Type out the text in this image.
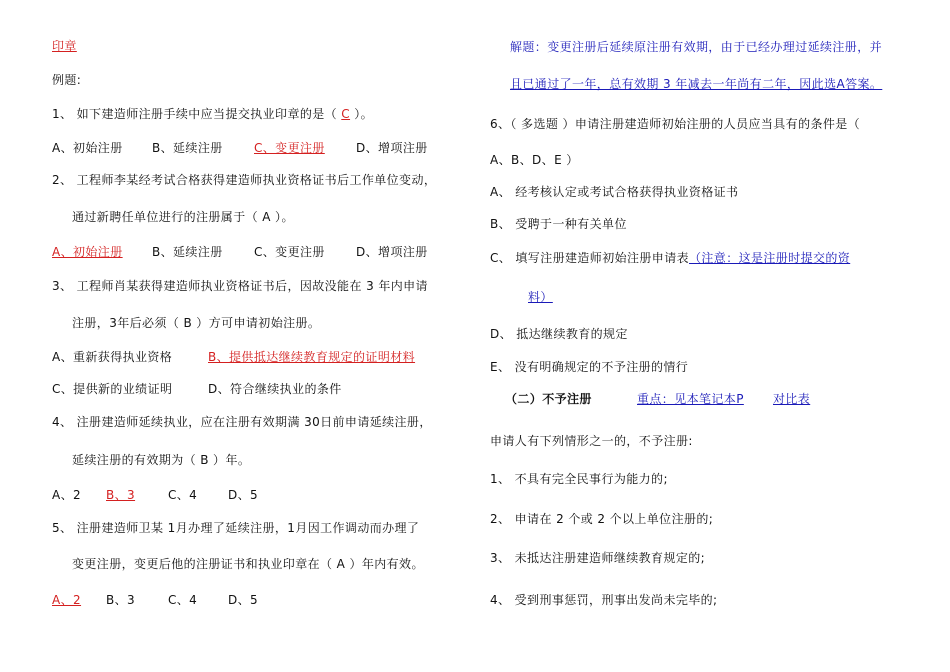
印章
例题:
1、 如下建造师注册手续中应当提交执业印章的是（ C ）。
A、初始注册 B、延续注册	C、变更注册	D、增项注册
2、 工程师李某经考试合格获得建造师执业资格证书后工作单位变动，
通过新聘任单位进行的注册属于（ A ）。
A、初始注册 B、延续注册	C、变更注册	D、增项注册
3、 工程师肖某获得建造师执业资格证书后，因故没能在 3 年内申请
注册，3年后必须（ B ）方可申请初始注册。
A、重新获得执业资格	B、提供抵达继续教育规定的证明材料
C、提供新的业绩证明	D、符合继续执业的条件
4、 注册建造师延续执业，应在注册有效期满 30日前申请延续注册，
延续注册的有效期为（ B ）年。
A、2 B、3	C、4	D、5
5、 注册建造师卫某 1月办理了延续注册，1月因工作调动而办理了
变更注册，变更后他的注册证书和执业印章在（ A ）年内有效。
A、2 B、3	C、4	D、5
解题：变更注册后延续原注册有效期，由于已经办理过延续注册，并
且已通过了一年，总有效期 3 年减去一年尚有二年，因此选A答案。
6、（ 多选题 ）申请注册建造师初始注册的人员应当具有的条件是（
A、B、D、E ）
A、 经考核认定或考试合格获得执业资格证书
B、 受聘于一种有关单位
C、 填写注册建造师初始注册申请表（注意：这是注册时提交的资
料）
D、 抵达继续教育的规定
E、 没有明确规定的不予注册的情行
（二）不予注册	重点：见本笔记本P 对比表
申请人有下列情形之一的，不予注册:
1、 不具有完全民事行为能力的;
2、 申请在 2 个或 2 个以上单位注册的;
3、 未抵达注册建造师继续教育规定的;
4、 受到刑事惩罚，刑事出发尚未完毕的;
